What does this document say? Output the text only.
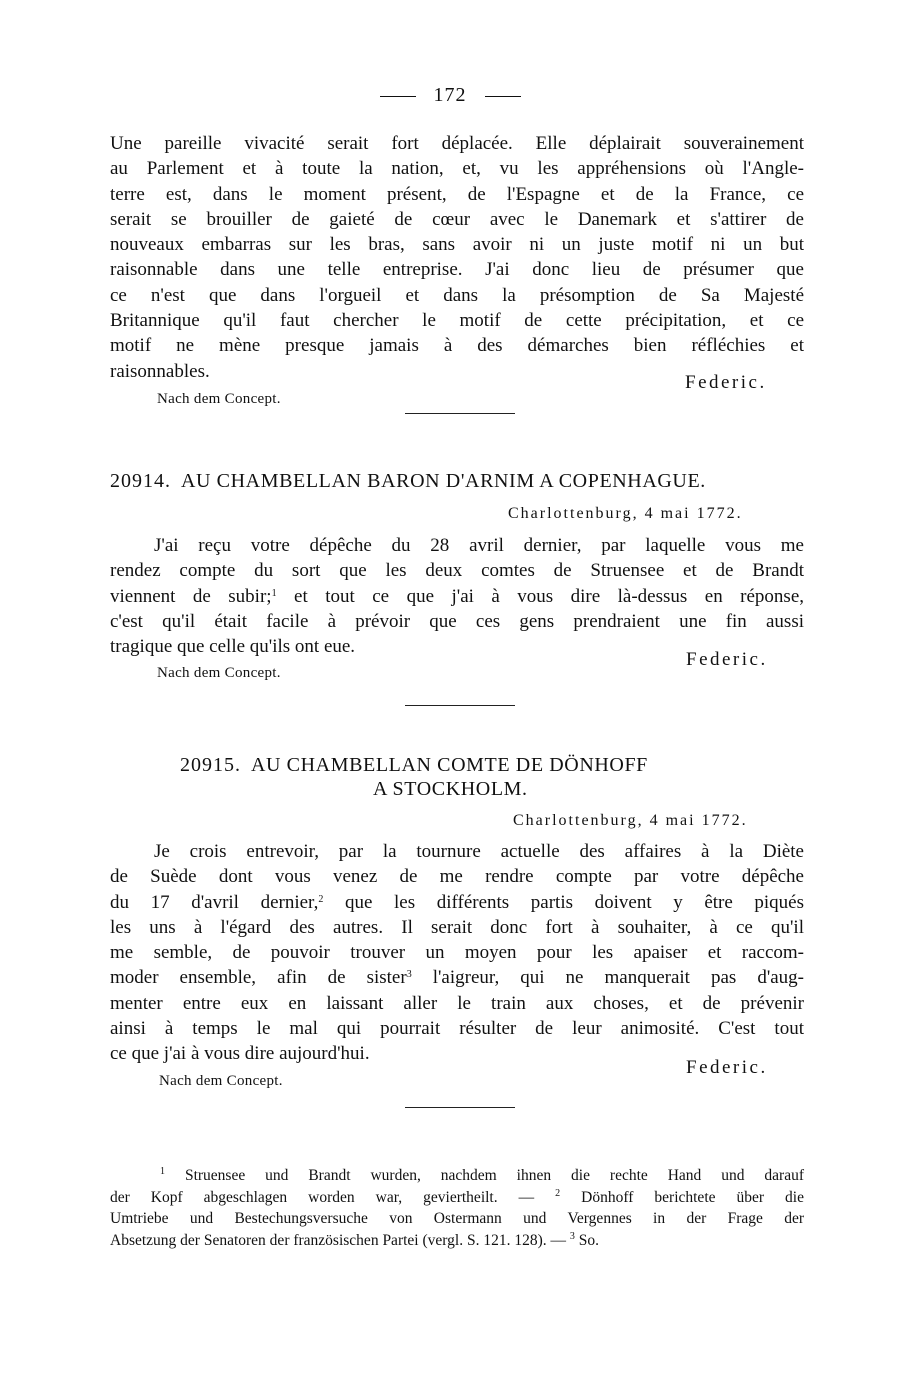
172
Une pareille vivacité serait fort déplacée. Elle déplairait souverainement
au Parlement et à toute la nation, et, vu les appréhensions où l'Angle-
terre est, dans le moment présent, de l'Espagne et de la France, ce
serait se brouiller de gaieté de cœur avec le Danemark et s'attirer de
nouveaux embarras sur les bras, sans avoir ni un juste motif ni un but
raisonnable dans une telle entreprise. J'ai donc lieu de présumer que
ce n'est que dans l'orgueil et dans la présomption de Sa Majesté
Britannique qu'il faut chercher le motif de cette précipitation, et ce
motif ne mène presque jamais à des démarches bien réfléchies et
raisonnables.
Federic.
Nach dem Concept.
20914. AU CHAMBELLAN BARON D'ARNIM A COPENHAGUE.
Charlottenburg, 4 mai 1772.
J'ai reçu votre dépêche du 28 avril dernier, par laquelle vous me
rendez compte du sort que les deux comtes de Struensee et de Brandt
viennent de subir;$^1$ et tout ce que j'ai à vous dire là-dessus en réponse,
c'est qu'il était facile à prévoir que ces gens prendraient une fin aussi
tragique que celle qu'ils ont eue.
Federic.
Nach dem Concept.
20915. AU CHAMBELLAN COMTE DE DÖNHOFF
A STOCKHOLM.
Charlottenburg, 4 mai 1772.
Je crois entrevoir, par la tournure actuelle des affaires à la Diète
de Suède dont vous venez de me rendre compte par votre dépêche
du 17 d'avril dernier,$^2$ que les différents partis doivent y être piqués
les uns à l'égard des autres. Il serait donc fort à souhaiter, à ce qu'il
me semble, de pouvoir trouver un moyen pour les apaiser et raccom-
moder ensemble, afin de sister$^3$ l'aigreur, qui ne manquerait pas d'aug-
menter entre eux en laissant aller le train aux choses, et de prévenir
ainsi à temps le mal qui pourrait résulter de leur animosité. C'est tout
ce que j'ai à vous dire aujourd'hui.
Federic.
Nach dem Concept.
$^1$ Struensee und Brandt wurden, nachdem ihnen die rechte Hand und darauf
der Kopf abgeschlagen worden war, geviertheilt. — $^2$ Dönhoff berichtete über die
Umtriebe und Bestechungsversuche von Ostermann und Vergennes in der Frage der
Absetzung der Senatoren der französischen Partei (vergl. S. 121. 128). — $^3$ So.
